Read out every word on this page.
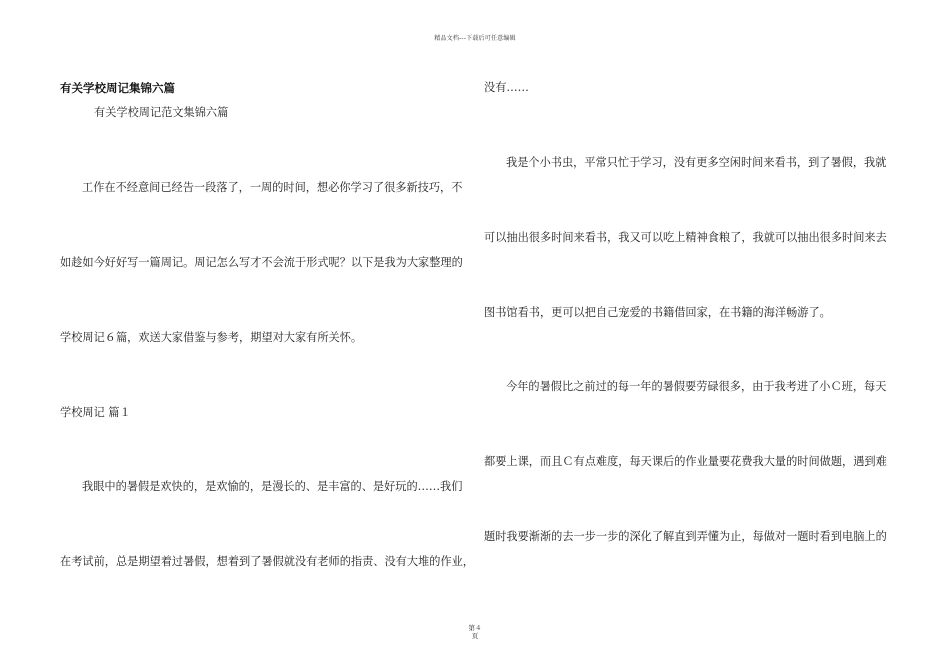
精品文档---下载后可任意编辑
有关学校周记集锦六篇
有关学校周记范文集锦六篇
工作在不经意间已经告一段落了，一周的时间，想必你学习了很多新技巧，不
如趁如今好好写一篇周记。周记怎么写才不会流于形式呢？以下是我为大家整理的
学校周记６篇，欢送大家借鉴与参考，期望对大家有所关怀。
学校周记 篇１
我眼中的暑假是欢快的，是欢愉的，是漫长的、是丰富的、是好玩的……我们
在考试前，总是期望着过暑假，想着到了暑假就没有老师的指责、没有大堆的作业，
没有……
我是个小书虫，平常只忙于学习，没有更多空闲时间来看书，到了暑假，我就
可以抽出很多时间来看书，我又可以吃上精神食粮了，我就可以抽出很多时间来去
图书馆看书，更可以把自己宠爱的书籍借回家，在书籍的海洋畅游了。
今年的暑假比之前过的每一年的暑假要劳碌很多，由于我考进了小Ｃ班，每天
都要上课，而且Ｃ有点难度，每天课后的作业量要花费我大量的时间做题，遇到难
题时我要渐渐的去一步一步的深化了解直到弄懂为止，每做对一题时看到电脑上的
第４
页
